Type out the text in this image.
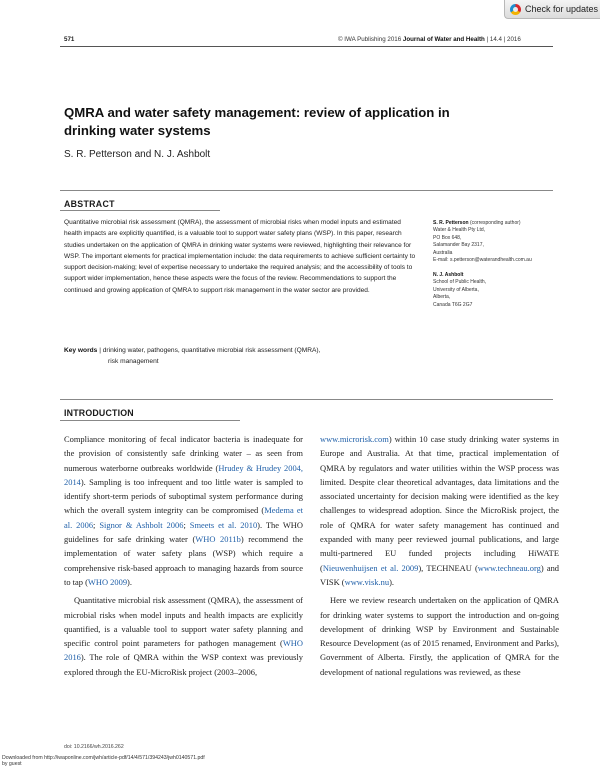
Check for updates
571	© IWA Publishing 2016 Journal of Water and Health | 14.4 | 2016
QMRA and water safety management: review of application in drinking water systems
S. R. Petterson and N. J. Ashbolt
ABSTRACT
Quantitative microbial risk assessment (QMRA), the assessment of microbial risks when model inputs and estimated health impacts are explicitly quantified, is a valuable tool to support water safety plans (WSP). In this paper, research studies undertaken on the application of QMRA in drinking water systems were reviewed, highlighting their relevance for WSP. The important elements for practical implementation include: the data requirements to achieve sufficient certainty to support decision-making; level of expertise necessary to undertake the required analysis; and the accessibility of tools to support wider implementation, hence these aspects were the focus of the review. Recommendations to support the continued and growing application of QMRA to support risk management in the water sector are provided.
Key words | drinking water, pathogens, quantitative microbial risk assessment (QMRA),
risk management
S. R. Petterson (corresponding author)
Water & Health Pty Ltd,
PO Box 648,
Salamander Bay 2317,
Australia
E-mail: s.petterson@waterandhealth.com.au
N. J. Ashbolt
School of Public Health,
University of Alberta,
Alberta,
Canada T6G 2G7
INTRODUCTION

Compliance monitoring of fecal indicator bacteria is inadequate for the provision of consistently safe drinking water – as seen from numerous waterborne outbreaks worldwide (Hrudey & Hrudey 2004, 2014). Sampling is too infrequent and too little water is sampled to identify short-term periods of suboptimal system performance during which the overall system integrity can be compromised (Medema et al. 2006; Signor & Ashbolt 2006; Smeets et al. 2010). The WHO guidelines for safe drinking water (WHO 2011b) recommend the implementation of water safety plans (WSP) which require a comprehensive risk-based approach to managing hazards from source to tap (WHO 2009).

Quantitative microbial risk assessment (QMRA), the assessment of microbial risks when model inputs and health impacts are explicitly quantified, is a valuable tool to support water safety planning and specific control point parameters for pathogen management (WHO 2016). The role of QMRA within the WSP context was previously explored through the EU-MicroRisk project (2003–2006,

www.microrisk.com) within 10 case study drinking water systems in Europe and Australia. At that time, practical implementation of QMRA by regulators and water utilities within the WSP process was limited. Despite clear theoretical advantages, data limitations and the associated uncertainty for decision making were identified as the key challenges to widespread adoption. Since the MicroRisk project, the role of QMRA for water safety management has continued and expanded with many peer reviewed journal publications, and large multi-partnered EU funded projects including HiWATE (Nieuwenhuijsen et al. 2009), TECHNEAU (www.techneau.org) and VISK (www.visk.nu).

Here we review research undertaken on the application of QMRA for drinking water systems to support the introduction and on-going development of drinking WSP by Environment and Sustainable Resource Development (as of 2015 renamed, Environment and Parks), Government of Alberta. Firstly, the application of QMRA for the development of national regulations was reviewed, as these

doi: 10.2166/wh.2016.262
Downloaded from http://iwaponline.com/jwh/article-pdf/14/4/571/394243/jwh0140571.pdf
by guest
